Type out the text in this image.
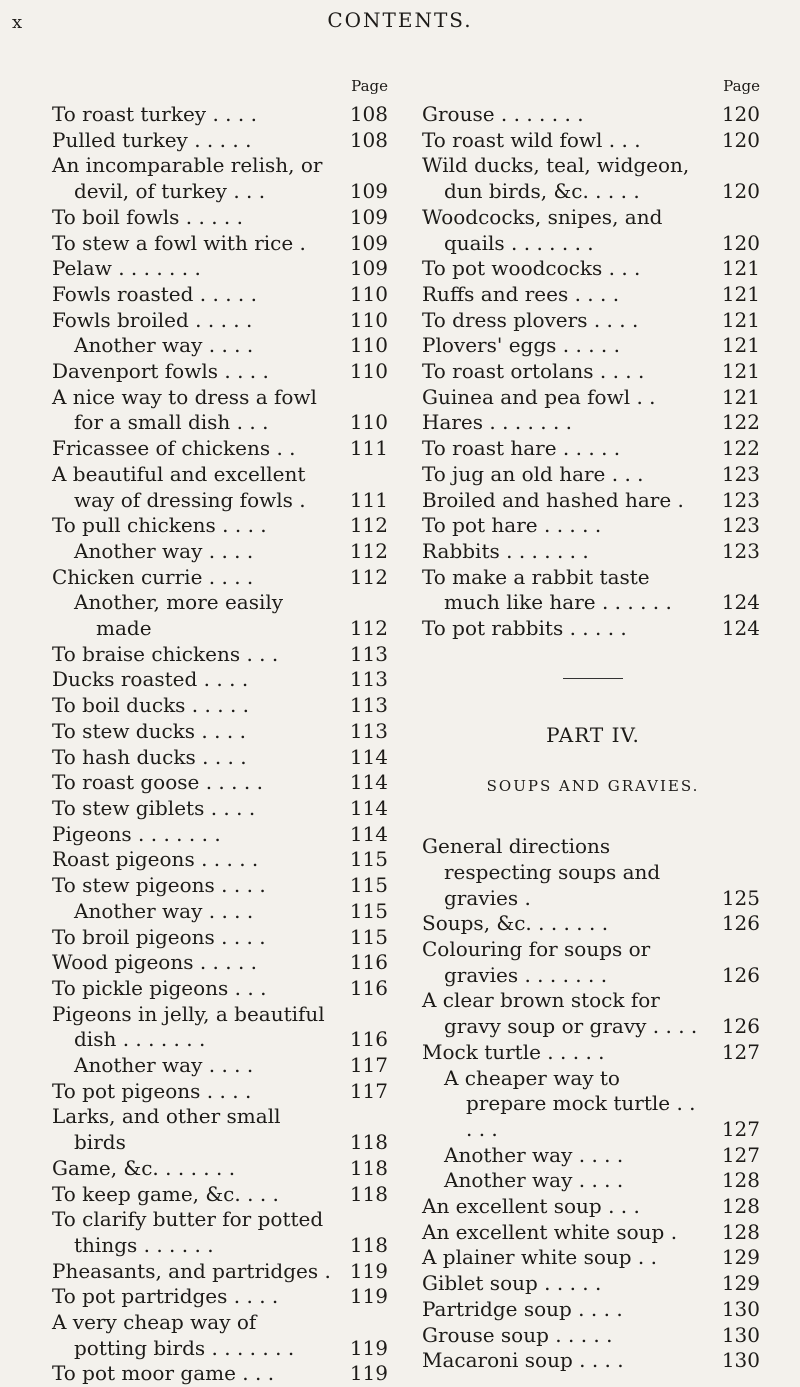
x	CONTENTS.
Page
To roast turkey . . . .	108
Pulled turkey . . . . .	108
An incomparable relish, or devil, of turkey . . .	109
To boil fowls . . . . .	109
To stew a fowl with rice .	109
Pelaw . . . . . . .	109
Fowls roasted . . . . .	110
Fowls broiled . . . . .	110
Another way . . . .	110
Davenport fowls . . . .	110
A nice way to dress a fowl for a small dish . . .	110
Fricassee of chickens . .	111
A beautiful and excellent way of dressing fowls .	111
To pull chickens . . . .	112
Another way . . . .	112
Chicken currie . . . .	112
Another, more easily made	112
To braise chickens . . .	113
Ducks roasted . . . .	113
To boil ducks . . . . .	113
To stew ducks . . . .	113
To hash ducks . . . .	114
To roast goose . . . . .	114
To stew giblets . . . .	114
Pigeons . . . . . . .	114
Roast pigeons . . . . .	115
To stew pigeons . . . .	115
Another way . . . .	115
To broil pigeons . . . .	115
Wood pigeons . . . . .	116
To pickle pigeons . . .	116
Pigeons in jelly, a beautiful dish . . . . . . .	116
Another way . . . .	117
To pot pigeons . . . .	117
Larks, and other small birds	118
Game, &c. . . . . . .	118
To keep game, &c. . . .	118
To clarify butter for potted things . . . . . .	118
Pheasants, and partridges . 119
To pot partridges . . . .	119
A very cheap way of potting birds . . . . . . .	119
To pot moor game . . .	119
Page
Grouse . . . . . . .	120
To roast wild fowl . . .	120
Wild ducks, teal, widgeon, dun birds, &c. . . . .	120
Woodcocks, snipes, and quails . . . . . . .	120
To pot woodcocks . . .	121
Ruffs and rees . . . .	121
To dress plovers . . . .	121
Plovers' eggs . . . . .	121
To roast ortolans . . . .	121
Guinea and pea fowl . .	121
Hares . . . . . . .	122
To roast hare . . . . .	122
To jug an old hare . . .	123
Broiled and hashed hare .	123
To pot hare . . . . .	123
Rabbits . . . . . . .	123
To make a rabbit taste much like hare . . . . . .	124
To pot rabbits . . . . .	124
PART IV.
SOUPS AND GRAVIES.
General directions respecting soups and gravies .	125
Soups, &c. . . . . . .	126
Colouring for soups or gravies . . . . . . .	126
A clear brown stock for gravy soup or gravy . . . .	126
Mock turtle . . . . .	127
A cheaper way to prepare mock turtle . . . . .	127
Another way . . . .	127
Another way . . . .	128
An excellent soup . . .	128
An excellent white soup .	128
A plainer white soup . .	129
Giblet soup . . . . .	129
Partridge soup . . . .	130
Grouse soup . . . . .	130
Macaroni soup . . . .	130
